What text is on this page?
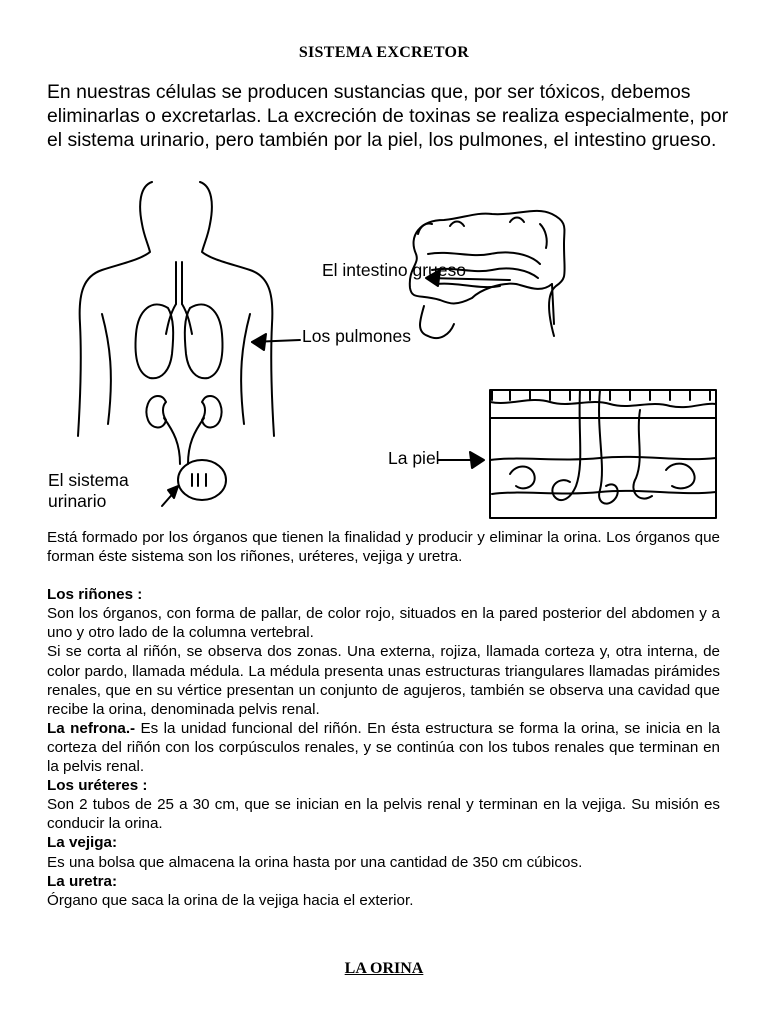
SISTEMA EXCRETOR
En nuestras células se producen sustancias que, por ser tóxicos, debemos eliminarlas o excretarlas. La excreción de toxinas se realiza especialmente, por el sistema urinario, pero también por la piel, los pulmones, el intestino grueso.
El intestino grueso
Los pulmones
La piel
El sistema
urinario

Está formado por los órganos que tienen la finalidad y producir y eliminar la orina. Los órganos que forman éste sistema son los riñones, uréteres, vejiga y uretra.

Los riñones :

Son los órganos, con forma de pallar, de color rojo, situados en la pared posterior del abdomen y a uno y otro lado de la columna vertebral.

Si se corta al riñón, se observa dos zonas. Una externa, rojiza, llamada corteza y, otra interna, de color pardo, llamada médula. La médula presenta unas estructuras triangulares llamadas pirámides renales, que en su vértice presentan un conjunto de agujeros, también se observa una cavidad que recibe la orina, denominada pelvis renal.

La nefrona.- Es la unidad funcional del riñón. En ésta estructura se forma la orina, se inicia en la corteza del riñón con los corpúsculos renales, y se continúa con los tubos renales que terminan en la pelvis renal.

Los uréteres :

Son 2 tubos de 25 a 30 cm, que se inician en la pelvis renal y terminan en la vejiga. Su misión es conducir la orina.

La vejiga:

Es una bolsa que almacena la orina hasta por una cantidad de 350 cm cúbicos.

La uretra:

Órgano que saca la orina de la vejiga hacia el exterior.

LA ORINA
